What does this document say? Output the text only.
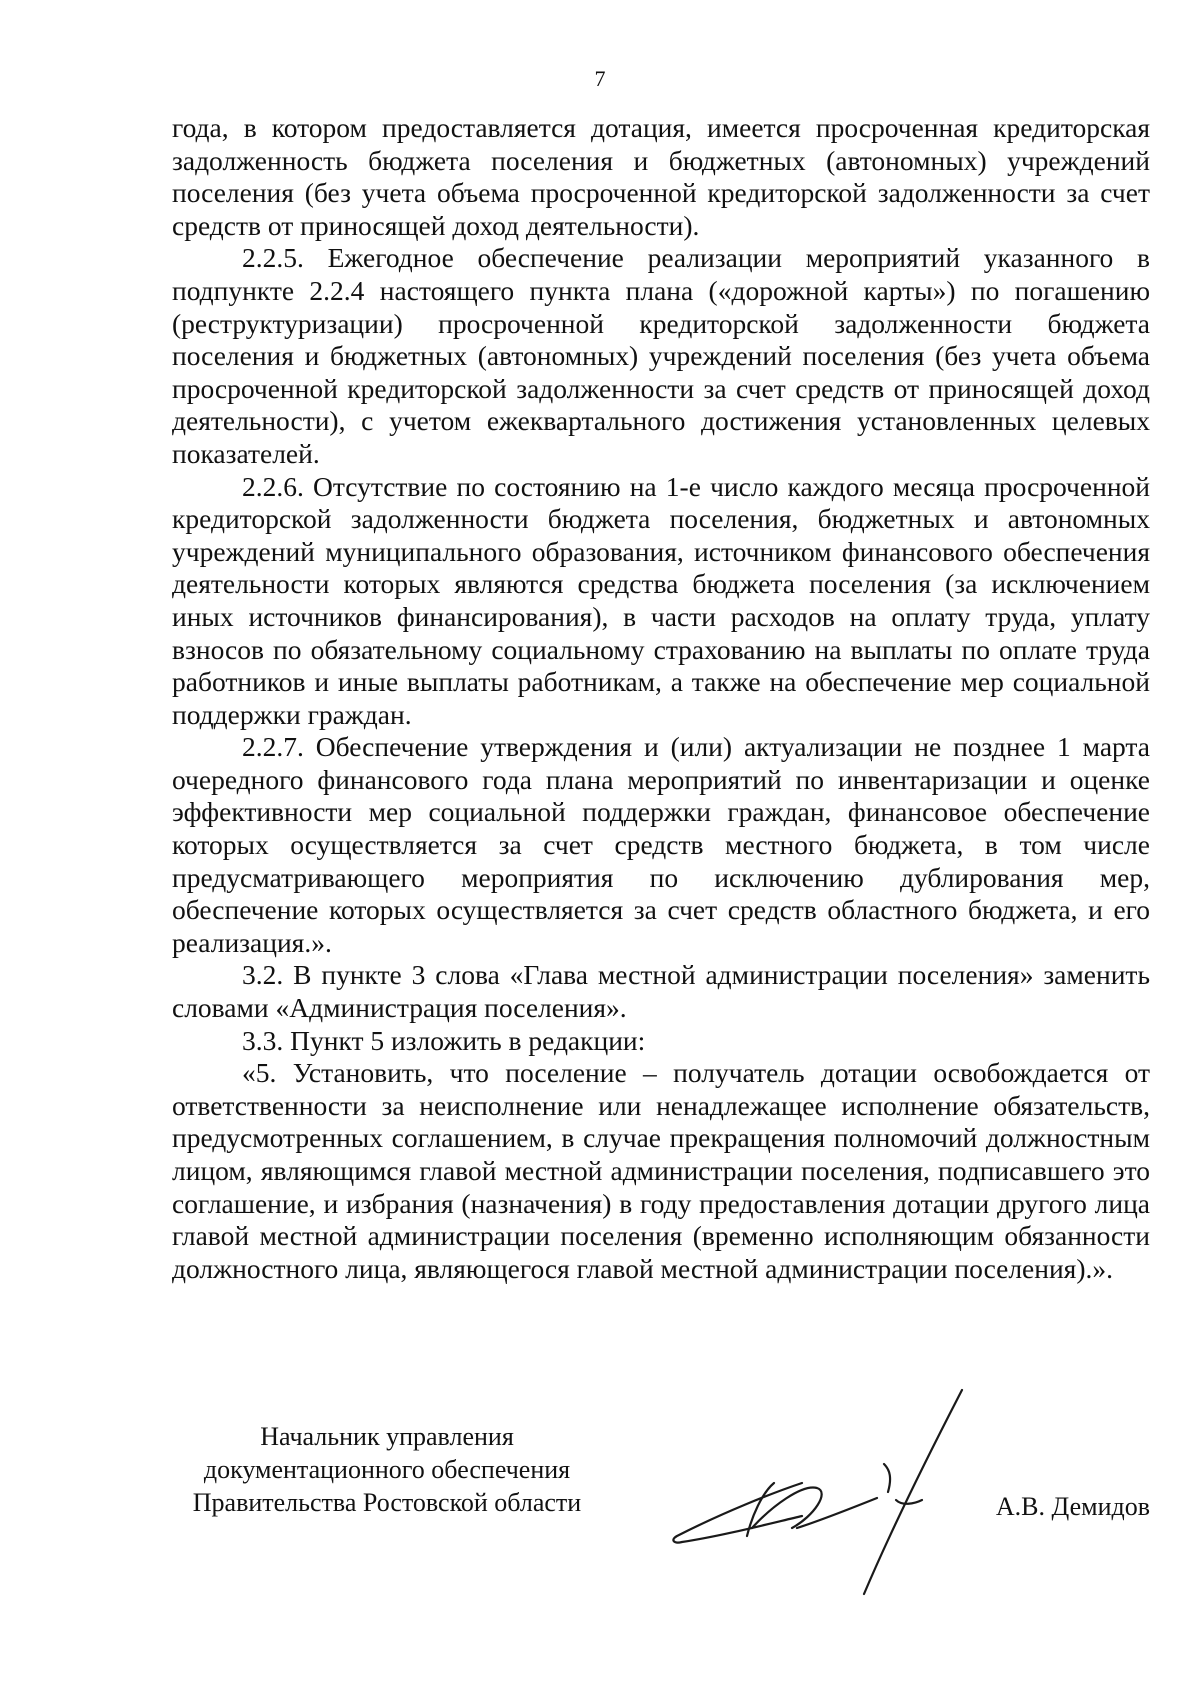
7

года, в котором предоставляется дотация, имеется просроченная кредиторская задолженность бюджета поселения и бюджетных (автономных) учреждений поселения (без учета объема просроченной кредиторской задолженности за счет средств от приносящей доход деятельности).

2.2.5. Ежегодное обеспечение реализации мероприятий указанного в подпункте 2.2.4 настоящего пункта плана («дорожной карты») по погашению (реструктуризации) просроченной кредиторской задолженности бюджета поселения и бюджетных (автономных) учреждений поселения (без учета объема просроченной кредиторской задолженности за счет средств от приносящей доход деятельности), с учетом ежеквартального достижения установленных целевых показателей.

2.2.6. Отсутствие по состоянию на 1-е число каждого месяца просроченной кредиторской задолженности бюджета поселения, бюджетных и автономных учреждений муниципального образования, источником финансового обеспечения деятельности которых являются средства бюджета поселения (за исключением иных источников финансирования), в части расходов на оплату труда, уплату взносов по обязательному социальному страхованию на выплаты по оплате труда работников и иные выплаты работникам, а также на обеспечение мер социальной поддержки граждан.

2.2.7. Обеспечение утверждения и (или) актуализации не позднее 1 марта очередного финансового года плана мероприятий по инвентаризации и оценке эффективности мер социальной поддержки граждан, финансовое обеспечение которых осуществляется за счет средств местного бюджета, в том числе предусматривающего мероприятия по исключению дублирования мер, обеспечение которых осуществляется за счет средств областного бюджета, и его реализация.».

3.2. В пункте 3 слова «Глава местной администрации поселения» заменить словами «Администрация поселения».

3.3. Пункт 5 изложить в редакции:

«5. Установить, что поселение – получатель дотации освобождается от ответственности за неисполнение или ненадлежащее исполнение обязательств, предусмотренных соглашением, в случае прекращения полномочий должностным лицом, являющимся главой местной администрации поселения, подписавшего это соглашение, и избрания (назначения) в году предоставления дотации другого лица главой местной администрации поселения (временно исполняющим обязанности должностного лица, являющегося главой местной администрации поселения).».

Начальник управления
документационного обеспечения
Правительства Ростовской области	А.В. Демидов
